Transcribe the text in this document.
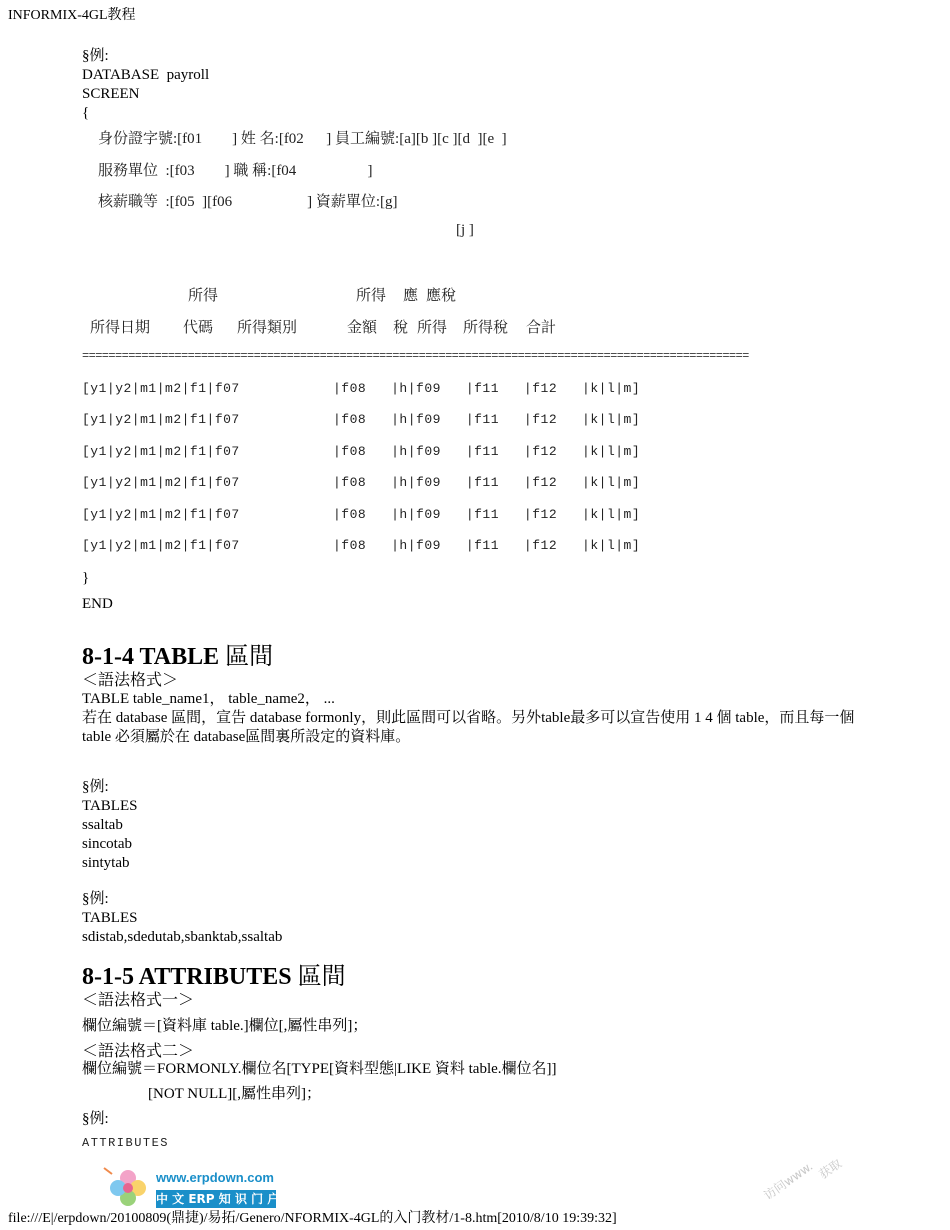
INFORMIX-4GL教程
§例:
DATABASE  payroll
SCREEN
{
身份證字號:[f01        ] 姓 名:[f02      ] 員工編號:[a][b ][c ][d  ][e  ]
服務單位  :[f03        ] 職 稱:[f04                   ]
核薪職等  :[f05  ][f06                    ] 資薪單位:[g]
[j ]
所得	所得 應 應稅
所得日期 代碼 所得類別	金額 稅 所得 所得稅 合計
=====================================================================================================
[y1|y2|m1|m2|f1|f07	|f08   |h|f09   |f11   |f12   |k|l|m]
[y1|y2|m1|m2|f1|f07	|f08   |h|f09   |f11   |f12   |k|l|m]
[y1|y2|m1|m2|f1|f07	|f08   |h|f09   |f11   |f12   |k|l|m]
[y1|y2|m1|m2|f1|f07	|f08   |h|f09   |f11   |f12   |k|l|m]
[y1|y2|m1|m2|f1|f07	|f08   |h|f09   |f11   |f12   |k|l|m]
[y1|y2|m1|m2|f1|f07	|f08   |h|f09   |f11   |f12   |k|l|m]
}
END
8-1-4 TABLE 區間
＜語法格式＞
TABLE table_name1， table_name2， ...
若在 database 區間，宣告 database formonly，則此區間可以省略。另外table最多可以宣告使用 1 4 個 table，而且每一個
table 必須屬於在 database區間裏所設定的資料庫。
§例:
TABLES
ssaltab
sincotab
sintytab
§例:
TABLES
sdistab,sdedutab,sbanktab,ssaltab
8-1-5 ATTRIBUTES 區間
＜語法格式一＞
欄位編號＝[資料庫 table.]欄位[,屬性串列]；
＜語法格式二＞
欄位編號＝FORMONLY.欄位名[TYPE[資料型態|LIKE 資料 table.欄位名]]
[NOT NULL][,屬性串列]；
§例:
ATTRIBUTES
www.erpdown.com
中 文 ERP 知 识 门 户	访问www. 获取
file:///E|/erpdown/20100809(鼎捷)/易拓/Genero/NFORMIX-4GL的入门教材/1-8.htm[2010/8/10 19:39:32]
